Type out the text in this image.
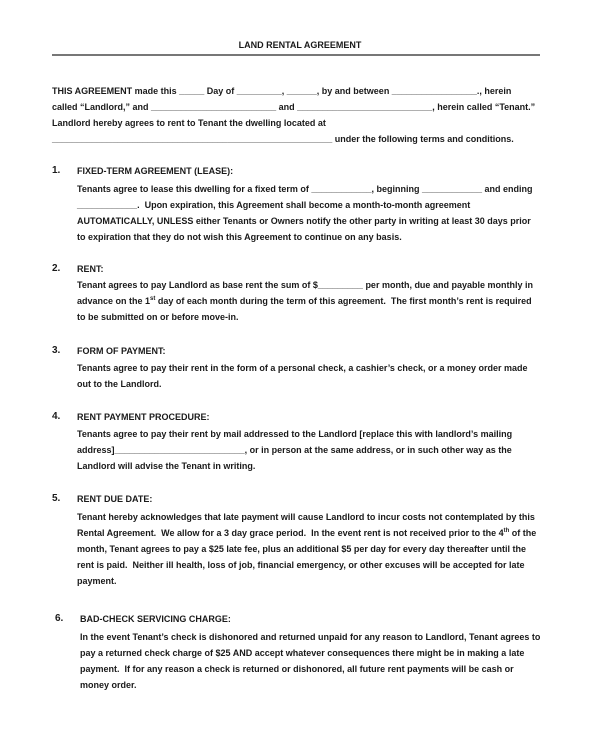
LAND RENTAL AGREEMENT
THIS AGREEMENT made this _____ Day of _________, ______, by and between _________________., herein
called “Landlord,” and _________________________ and ___________________________, herein called “Tenant.”
Landlord hereby agrees to rent to Tenant the dwelling located at
________________________________________________________ under the following terms and conditions.
1. FIXED-TERM AGREEMENT (LEASE):
Tenants agree to lease this dwelling for a fixed term of ____________, beginning ____________ and ending
____________.  Upon expiration, this Agreement shall become a month-to-month agreement
AUTOMATICALLY, UNLESS either Tenants or Owners notify the other party in writing at least 30 days prior
to expiration that they do not wish this Agreement to continue on any basis.
2. RENT:
Tenant agrees to pay Landlord as base rent the sum of $_________ per month, due and payable monthly in
advance on the 1st day of each month during the term of this agreement.  The first month’s rent is required
to be submitted on or before move-in.
3. FORM OF PAYMENT:
Tenants agree to pay their rent in the form of a personal check, a cashier’s check, or a money order made
out to the Landlord.
4. RENT PAYMENT PROCEDURE:
Tenants agree to pay their rent by mail addressed to the Landlord [replace this with landlord’s mailing
address]__________________________, or in person at the same address, or in such other way as the
Landlord will advise the Tenant in writing.
5. RENT DUE DATE:
Tenant hereby acknowledges that late payment will cause Landlord to incur costs not contemplated by this
Rental Agreement.  We allow for a 3 day grace period.  In the event rent is not received prior to the 4th of the
month, Tenant agrees to pay a $25 late fee, plus an additional $5 per day for every day thereafter until the
rent is paid.  Neither ill health, loss of job, financial emergency, or other excuses will be accepted for late
payment.
6. BAD-CHECK SERVICING CHARGE:
In the event Tenant’s check is dishonored and returned unpaid for any reason to Landlord, Tenant agrees to
pay a returned check charge of $25 AND accept whatever consequences there might be in making a late
payment.  If for any reason a check is returned or dishonored, all future rent payments will be cash or
money order.
